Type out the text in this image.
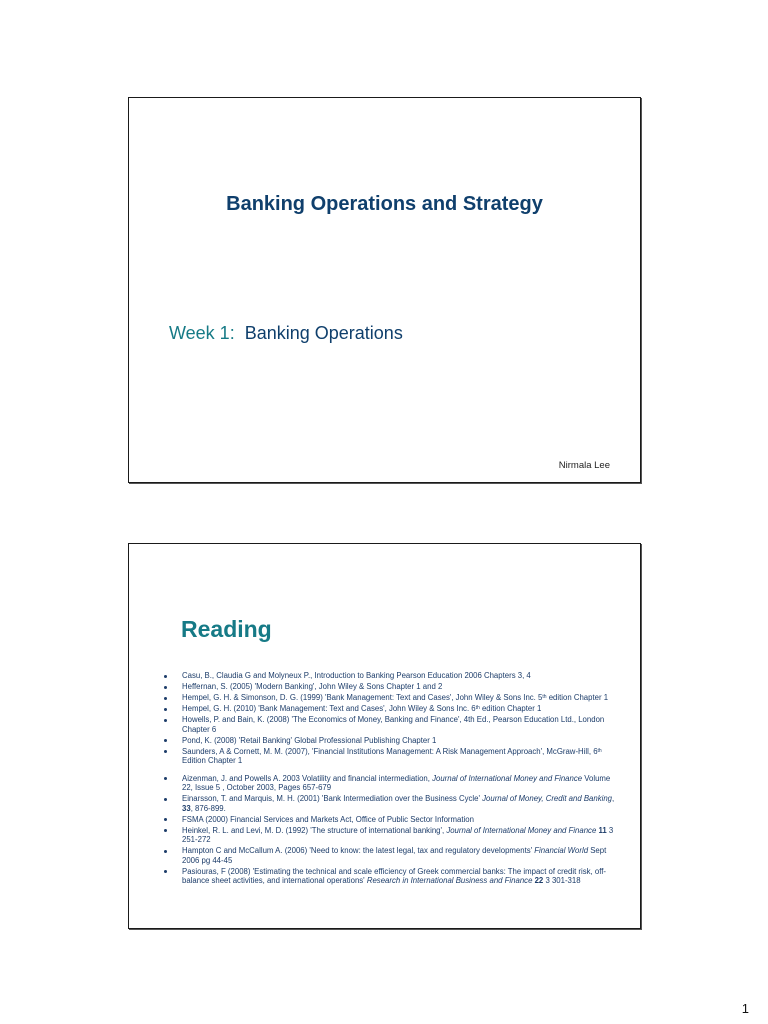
Banking Operations and Strategy
Week 1: Banking Operations
Nirmala Lee
Reading
Casu, B., Claudia G and Molyneux P., Introduction to Banking Pearson Education 2006 Chapters 3, 4
Heffernan, S. (2005) 'Modern Banking', John Wiley & Sons Chapter 1 and 2
Hempel, G. H. & Simonson, D. G. (1999) 'Bank Management: Text and Cases', John Wiley & Sons Inc. 5th edition Chapter 1
Hempel, G. H. (2010) 'Bank Management: Text and Cases', John Wiley & Sons Inc. 6th edition Chapter 1
Howells, P. and Bain, K. (2008) 'The Economics of Money, Banking and Finance', 4th Ed., Pearson Education Ltd., London Chapter 6
Pond, K. (2008) 'Retail Banking' Global Professional Publishing Chapter 1
Saunders, A & Cornett, M. M. (2007), 'Financial Institutions Management: A Risk Management Approach', McGraw-Hill, 6th Edition Chapter 1
Aizenman, J. and Powells A. 2003 Volatility and financial intermediation, Journal of International Money and Finance Volume 22, Issue 5 , October 2003, Pages 657-679
Einarsson, T. and Marquis, M. H. (2001) 'Bank Intermediation over the Business Cycle' Journal of Money, Credit and Banking, 33, 876-899.
FSMA (2000) Financial Services and Markets Act, Office of Public Sector Information
Heinkel, R. L. and Levi, M. D. (1992) 'The structure of international banking', Journal of International Money and Finance 11 3 251-272
Hampton C and McCallum A. (2006) 'Need to know: the latest legal, tax and regulatory developments' Financial World Sept 2006 pg 44-45
Pasiouras, F (2008) 'Estimating the technical and scale efficiency of Greek commercial banks: The impact of credit risk, off-balance sheet activities, and international operations' Research in International Business and Finance 22 3 301-318
1
